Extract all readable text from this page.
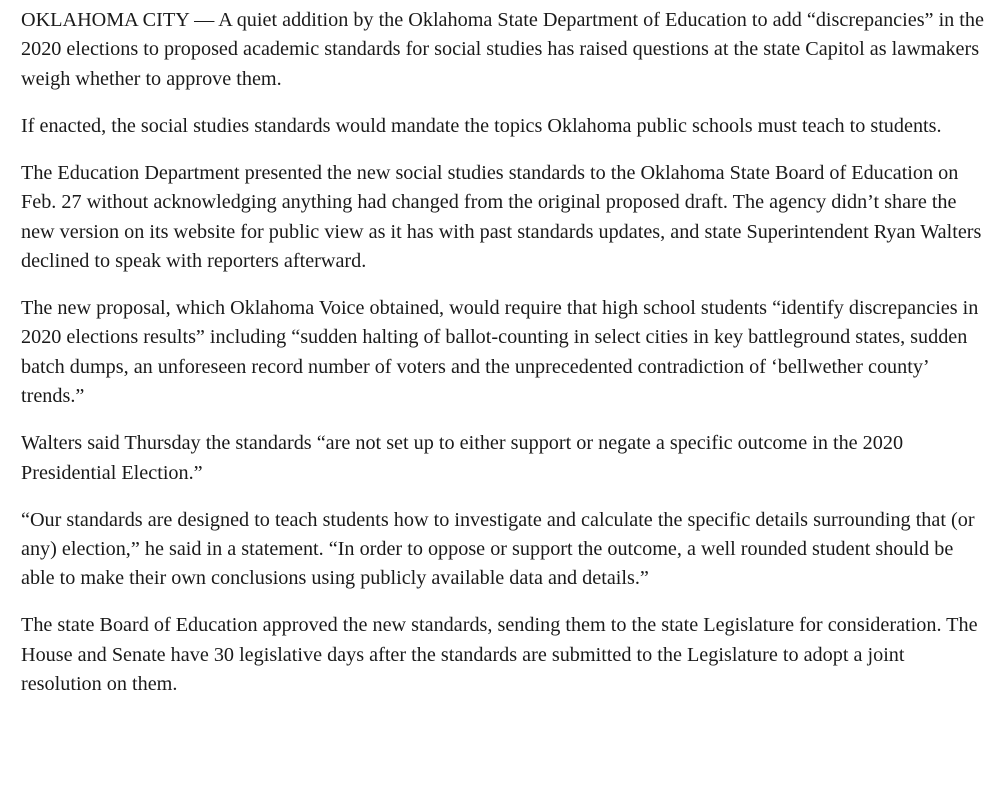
OKLAHOMA CITY — A quiet addition by the Oklahoma State Department of Education to add “discrepancies” in the 2020 elections to proposed academic standards for social studies has raised questions at the state Capitol as lawmakers weigh whether to approve them.

If enacted, the social studies standards would mandate the topics Oklahoma public schools must teach to students.

The Education Department presented the new social studies standards to the Oklahoma State Board of Education on Feb. 27 without acknowledging anything had changed from the original proposed draft. The agency didn’t share the new version on its website for public view as it has with past standards updates, and state Superintendent Ryan Walters declined to speak with reporters afterward.

The new proposal, which Oklahoma Voice obtained, would require that high school students “identify discrepancies in 2020 elections results” including “sudden halting of ballot-counting in select cities in key battleground states, sudden batch dumps, an unforeseen record number of voters and the unprecedented contradiction of ‘bellwether county’ trends.”

Walters said Thursday the standards “are not set up to either support or negate a specific outcome in the 2020 Presidential Election.”

“Our standards are designed to teach students how to investigate and calculate the specific details surrounding that (or any) election,” he said in a statement. “In order to oppose or support the outcome, a well rounded student should be able to make their own conclusions using publicly available data and details.”

The state Board of Education approved the new standards, sending them to the state Legislature for consideration. The House and Senate have 30 legislative days after the standards are submitted to the Legislature to adopt a joint resolution on them.
